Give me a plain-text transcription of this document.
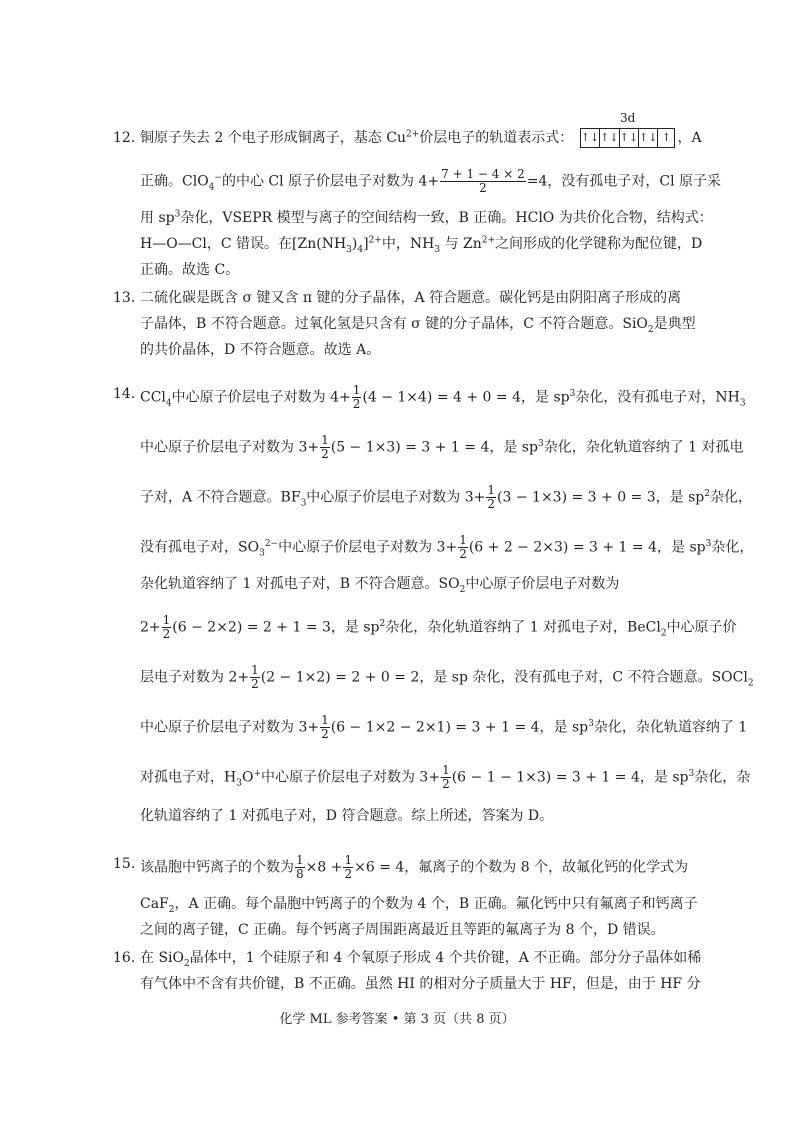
12．
铜原子失去 2 个电子形成铜离子，基态 $Cu^{2+}$价层电子的轨道表示式：
3d
↑↓	↑↓	↑↓	↑↓	↑ ，A
正确。ClO$_4$−的中心 Cl 原子价层电子对数为 $4+ \frac{7 + 1 - 4 \times 2}{2} =4$，没有孤电子对，Cl 原子采
用 $sp^3$杂化，VSEPR 模型与离子的空间结构一致，B 正确。HClO 为共价化合物，结构式：
H—O—Cl，C 错误。在$[Zn(NH_3)_4]^{2+}$中，$NH_3$ 与 $Zn^{2+}$之间形成的化学键称为配位键，D
正确。故选 C。
13．
二硫化碳是既含 σ 键又含 π 键的分子晶体，A 符合题意。碳化钙是由阴阳离子形成的离
子晶体，B 不符合题意。过氧化氢是只含有 σ 键的分子晶体，C 不符合题意。SiO$_2$是典型
的共价晶体，D 不符合题意。故选 A。
14．
CCl$_4$中心原子价层电子对数为 $4+ \frac{1}{2} (4 - 1\times 4) = 4 + 0 = 4$，是 $sp^3$杂化，没有孤电子对，$NH_3$
中心原子价层电子对数为 $3+ \frac{1}{2} (5 - 1\times 3) = 3 + 1 = 4$，是 $sp^3$杂化，杂化轨道容纳了 1 对孤电
子对，A 不符合题意。$BF_3$中心原子价层电子对数为 $3+ \frac{1}{2} (3 - 1\times 3) = 3 + 0 = 3$，是 $sp^2$杂化，
没有孤电子对，$SO_3^{2-}$中心原子价层电子对数为 $3+ \frac{1}{2} (6 + 2 - 2\times 3) = 3 + 1 = 4$，是 $sp^3$杂化，
杂化轨道容纳了 1 对孤电子对，B 不符合题意。$SO_2$中心原子价层电子对数为
$2+ \frac{1}{2} (6 - 2\times 2) = 2 + 1 = 3$，是 $sp^2$杂化，杂化轨道容纳了 1 对孤电子对，BeCl$_2$中心原子价
层电子对数为 $2+ \frac{1}{2} (2 - 1\times 2) = 2 + 0 = 2$，是 sp 杂化，没有孤电子对，C 不符合题意。SOCl$_2$
中心原子价层电子对数为 $3+ \frac{1}{2} (6 - 1\times 2 - 2\times 1) = 3 + 1 = 4$，是 $sp^3$杂化，杂化轨道容纳了 1
对孤电子对，$H_3O^+$中心原子价层电子对数为 $3+ \frac{1}{2} (6 - 1 - 1\times 3) = 3 + 1 = 4$，是 $sp^3$杂化，杂
化轨道容纳了 1 对孤电子对，D 符合题意。综上所述，答案为 D。
15．
该晶胞中钙离子的个数为 $\frac{1}{8} \times 8 + \frac{1}{2} \times 6 = 4$，氟离子的个数为 8 个，故氟化钙的化学式为
CaF$_2$，A 正确。每个晶胞中钙离子的个数为 4 个，B 正确。氟化钙中只有氟离子和钙离子
之间的离子键，C 正确。每个钙离子周围距离最近且等距的氟离子为 8 个，D 错误。
16．
在 SiO$_2$晶体中，1 个硅原子和 4 个氧原子形成 4 个共价键，A 不正确。部分分子晶体如稀
有气体中不含有共价键，B 不正确。虽然 HI 的相对分子质量大于 HF，但是，由于 HF 分
化学 ML 参考答案 • 第 3 页（共 8 页）
